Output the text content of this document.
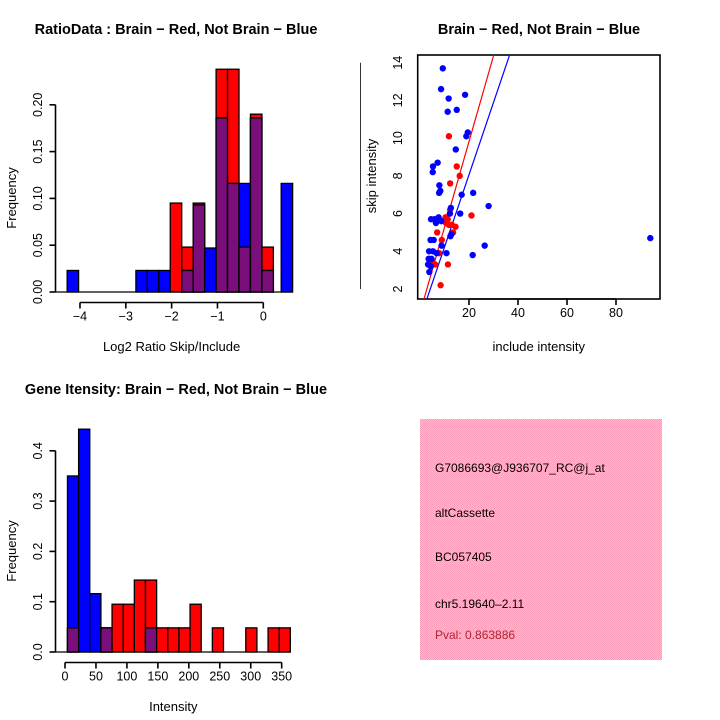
0.00
0.05
0.10
0.15
0.20
−4	−3	−2	−1	0
RatioData : Brain − Red, Not Brain − Blue
Log2 Ratio Skip/Include
Frequency
2
4
6
8
10
12
14
20	40	60	80
Brain − Red, Not Brain − Blue
include intensity
skip intensity
0.0
0.1
0.2
0.3
0.4
0 50 100 150 200 250 300 350
Gene Itensity: Brain − Red, Not Brain − Blue
Intensity
Frequency
G7086693@J936707_RC@j_at
altCassette
BC057405
chr5.19640–2.11
Pval: 0.863886
